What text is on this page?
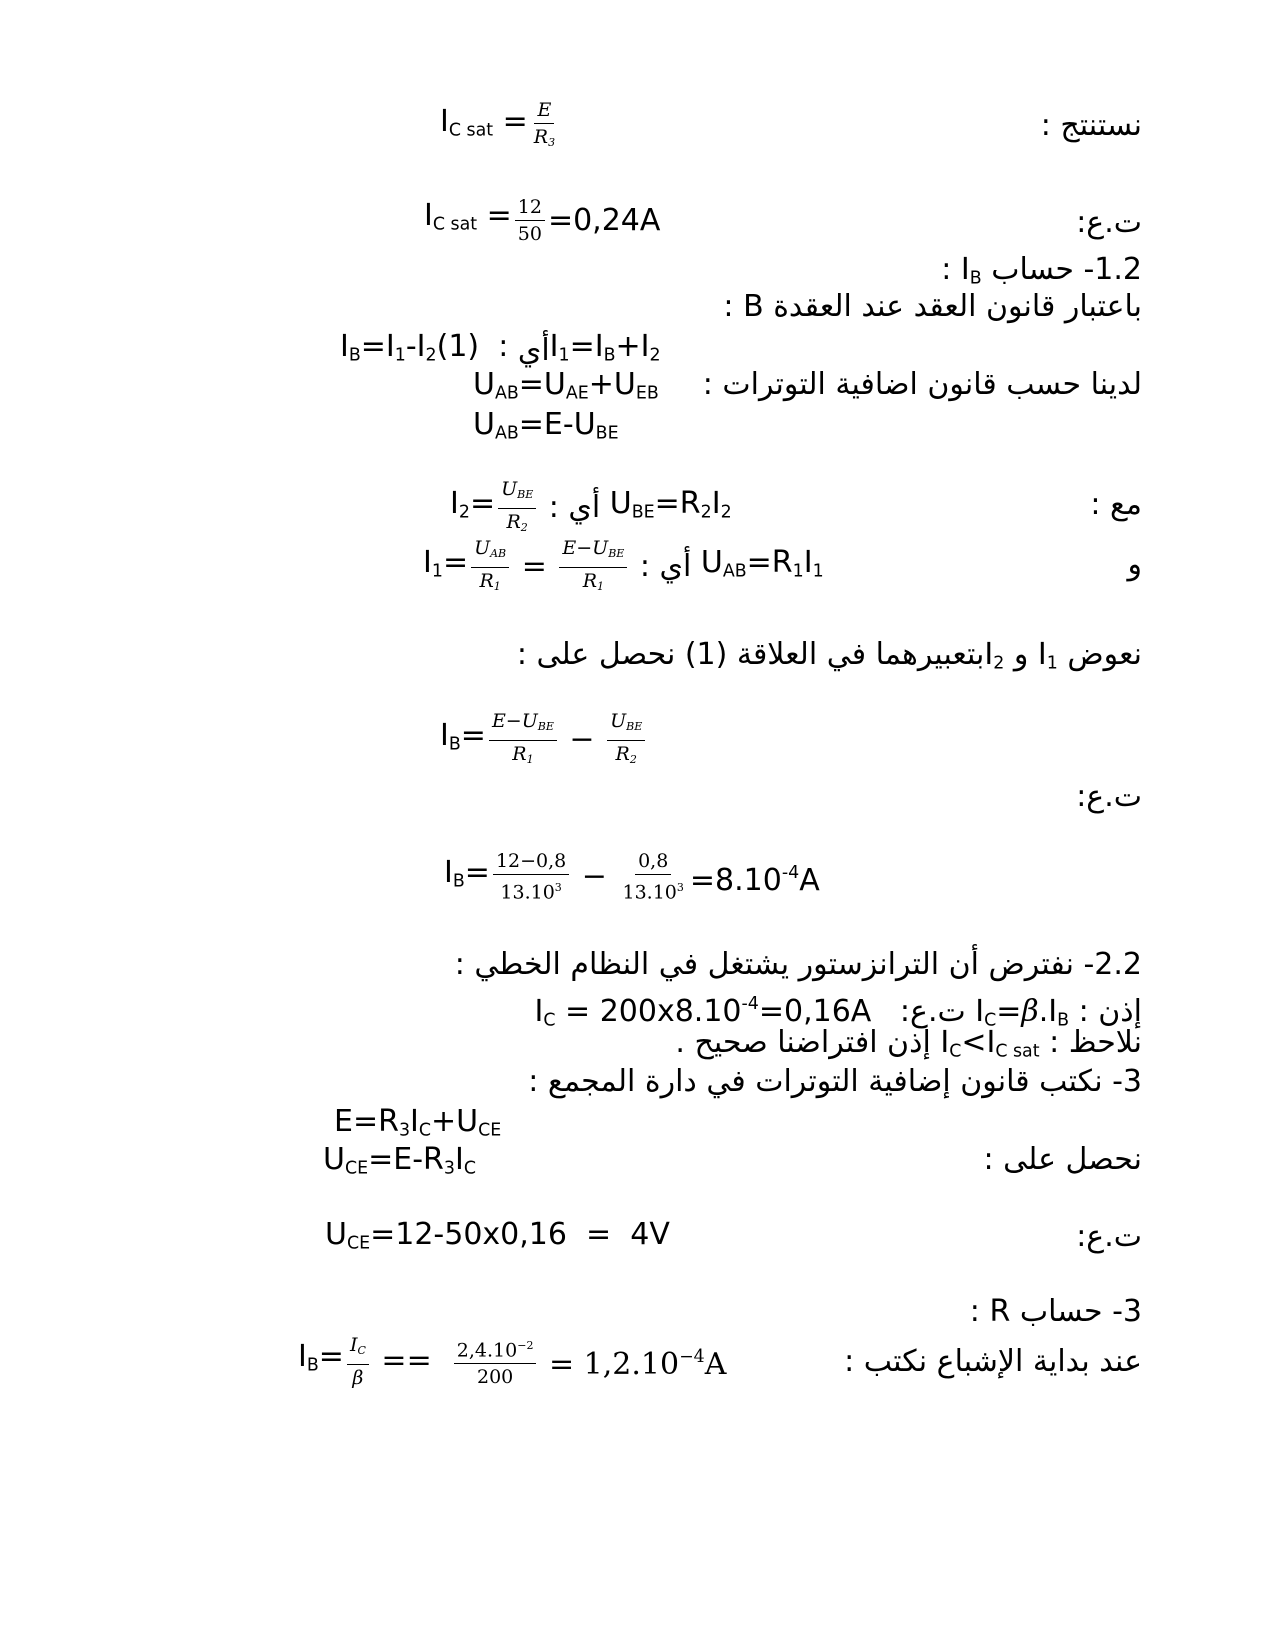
نستنتج :
$I_{C sat} = \frac{E}{R_3}$
ت.ع:
$I_{C sat} = \frac{12}{50} =0,24A$
1.2- حساب $I_B$ :
باعتبار قانون العقد عند العقدة B :
$I_B=I_1-I_2(1)$  : أي $I_1=I_B+I_2$
لدينا حسب قانون اضافية التوترات :
$U_{AB}=U_{AE}+U_{EB}$
$U_{AB}=E-U_{BE}$
مع :
$I_2= \frac{U_{BE}}{R_2}$ : أي $U_{BE}=R_2I_2$
و
$I_1= \frac{U_{AB}}{R_1} = \frac{E-U_{BE}}{R_1}$ : أي $U_{AB}=R_1I_1$
نعوض $I_1$ و $I_2بتعبيرهما$ في العلاقة (1) نحصل على :
$I_B= \frac{E-U_{BE}}{R_1} - \frac{U_{BE}}{R_2}$
ت.ع:
$I_B= \frac{12-0,8}{13.10^3} - \frac{0,8}{13.10^3} =8.10^{-4}A$
2.2- نفترض أن الترانزستور يشتغل في النظام الخطي :
إذن : $I_C=\beta.I_B$ ت.ع:   $I_C = 200x8.10^{-4}=0,16A$
نلاحظ : $I_C<I_{C sat}$ إذن افتراضنا صحيح .
3- نكتب قانون إضافية التوترات في دارة المجمع :
$E=R_3I_C+U_{CE}$
نحصل على :
$U_{CE}=E-R_3I_C$
ت.ع:
$U_{CE}=12-50x0,16 = 4V$
3- حساب R :
عند بداية الإشباع نكتب :
$I_B= \frac{I_C}{\beta} == \frac{2,4.10^{-2}}{200} = 1,2.10^{-4}A$
